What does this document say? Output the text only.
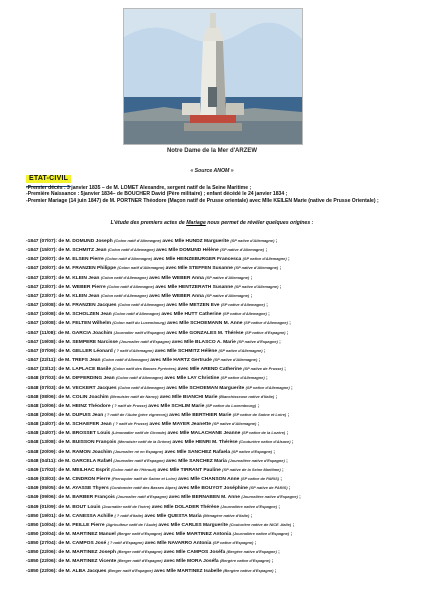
Notre Dame de la Mer d'ARZEW
ETAT-CIVIL
« Source ANOM »
-Premier décès : 3 janvier 1835 – de M. LOMET Alexandre, sergent natif de la Seine Maritime ;
-Première Naissance : 5janvier 1834– de BOUCHER David (Père militaire) ; enfant décédé le 24 janvier 1834 ;
-Premier Mariage (14 juin 1847) de M. PORTNER Théodore (Maçon natif de Prusse orientale) avec Mlle KEILEN Marie (native de Prusse Orientale) ;
L'étude des premiers actes de Mariage nous permet de révéler quelques origines :
-1847 (07/07): de M. DOMUND Joseph (Colon natif d'Allemagne) avec Mlle HUNDZ Marguerite (SP native d'Allemagne) ;
-1847 (15/07): de M. SCHMITZ Jean (Colon natif d'Allemagne) avec Mlle DOMUND Hélène (SP native d'Allemagne) ;
-1847 (20/07): de M. ELSEN Pierre (Colon natif d'Allemagne) avec Mlle HEINZEBURGER Francesca (SP native d'Allemagne) ;
-1847 (20/07): de M. FRANZEN Philippe (Colon natif d'Allemagne) avec Mlle STEFFEN Susanne (SP native d'Allemagne) ;
-1847 (23/07): de M. KLEIN Jean (Colon natif d'Allemagne) avec Mlle WEBER Anna (SP native d'Allemagne) ;
-1847 (23/07): de M. WEBER Pierre (Colon natif d'Allemagne) avec Mlle HENTZERATH Susanne (SP native d'Allemagne) ;
-1847 (23/07): de M. KLEIN Jean (Colon natif d'Allemagne) avec Mlle WEBER Anna (SP native d'Allemagne) ;
-1847 (10/08): de M. FRANZEN Jacques (Colon natif d'Allemagne) avec Mlle METZEN Eve (SP native d'Allemagne) ;
-1847 (10/08): de M. SCHOLZEN Jean (Colon natif d'Allemagne) avec Mlle HUTT Catherine (SP native d'Allemagne) ;
-1847 (10/08): de M. FELTEN Wilhelm (Colon natif du Luxembourg) avec Mlle SCHOEMANN M. Anne (SP native d'Allemagne) ;
-1847 (11/08): de M. GARCIA Joachim (Journalier natif d'Espagne) avec Mlle GONZALES M. Thérèse (SP native d'Espagne) ;
-1847 (19/08): de M. SEMPERE Narcisse (Journalier natif d'Espagne) avec Mlle BLASCO A. Marie (SP native d'Espagne) ;
-1847 (07/09): de M. GELLER Léonard ( ? natif d'Allemagne) avec Mlle SCHMITZ Hélène (SP native d'Allemagne) ;
-1847 (22/11): de M. TREFS Jean (Colon natif d'Allemagne) avec Mlle HARTZ Gertrude (SP native d'Allemagne) ;
-1847 (23/12): de M. LAPLACE Basile (Colon natif des Basses Pyrénées) avec Mlle AREND Catherine (SP native de Prusse) ;
-1848 (07/03): de M. DIFFERDING Jean (Colon natif d'Allemagne) avec Mlle LAY Christine (SP native d'Allemagne) ;
-1848 (07/03): de M. VECKERT Jacques (Colon natif d'Allemagne) avec Mlle SCHOEMAN Marguerite (SP native d'Allemagne) ;
-1848 (08/06): de M. COLIN Joachim (Menuisier natif de Nancy) avec Mlle BIANCHI Marie (Blanchisseuse native d'Italie) ;
-1848 (10/06): de M. HEINZ Théodore ( ? natif de Prusse) avec Mlle SCHLIM Marie (SP native du Luxembourg) ;
-1848 (20/06): de M. DUPUIS Jean ( ? natif de l'Aube (père vigneron)) avec Mlle BERTHIER Marie (SP native de Saône et Loire) ;
-1848 (24/07): de M. SCHAEFER Jean ( ? natif de Prusse) avec Mlle MAYER Jeanette (SP native d'Allemagne) ;
-1848 (24/07): de M. BROSSET Louis (Limonadier natif de Gironde) avec Mlle MALACHANE Jeanne (SP native de la Lozère) ;
-1848 (13/08): de M. BUISSON François (Menuisier natif de la Drôme) avec Mlle HENRI M. Thérèse (Couturière native d'Alsace) ;
-1848 (20/09): de M. RAMON Joachim (Journalier né en Espagne) avec Mlle SANCHEZ Rafaela (SP native d'Espagne) ;
-1848 (04/11): de M. GARCELA Rafaël (Journalier natif d'Espagne) avec Mlle SANCHEZ Maria (Journalière native d'Espagne) ;
-1849 (17/02): de M. MEILHAC Esprit (Colon natif de l'Hérault) avec Mlle TIRRANT Pauline (SP native de la Seine Maritime) ;
-1849 (03/03): de M. CINDRON Pierre (Parruquier natif de Saône et Loire) avec Mlle CHANSON Anne (SP native de PARIS) ;
-1849 (05/05): de M. AYASSE Thyers (Cordonnier natif des Basses Alpes) avec Mlle BOUYOT Joséphine (SP native de PARIS) ;
-1849 (09/06): de M. BARBER François (Journalier natif d'Espagne) avec Mlle BERNABEN M. Anne (Journalière native d'Espagne) ;
-1849 (01/09): de M. BOUT Louis (Journalier natif de l'Isère) avec Mlle DOLADER Thérèse (Journalière native d'Espagne) ;
-1850 (19/01): de M. CANESSA Achille ( ? natif d'Italie) avec Mlle QUESTA Maria (Ménagère native d'Italie) ;
-1850 (10/04): de M. PEILLE Pierre (Agriculteur natif de l'Aude) avec Mlle CARLES Marguerite (Couturière native de NICE -Italie) ;
-1850 (20/04): de M. MARTINEZ Manuel (Berger natif d'Espagne) avec Mlle MARTINEZ Antonia (Journalière native d'Espagne) ;
-1850 (27/04): de M. CAMPOS José ( ? natif d'Espagne) avec Mlle NAVARRO Antonia (SP native d'Espagne) ;
-1850 (22/06): de M. MARTINEZ Joseph (Berger natif d'Espagne) avec Mlle CAMPOS Joséfa (Bergère native d'Espagne) ;
-1850 (22/06): de M. MARTINEZ Vicente (Berger natif d'Espagne) avec Mlle MORA Joséfa (Bergère native d'Espagne) ;
-1850 (22/06): de M. ALBA Jacques (Berger natif d'Espagne) avec Mlle MARTINEZ Isabelle (Bergère native d'Espagne) ;
